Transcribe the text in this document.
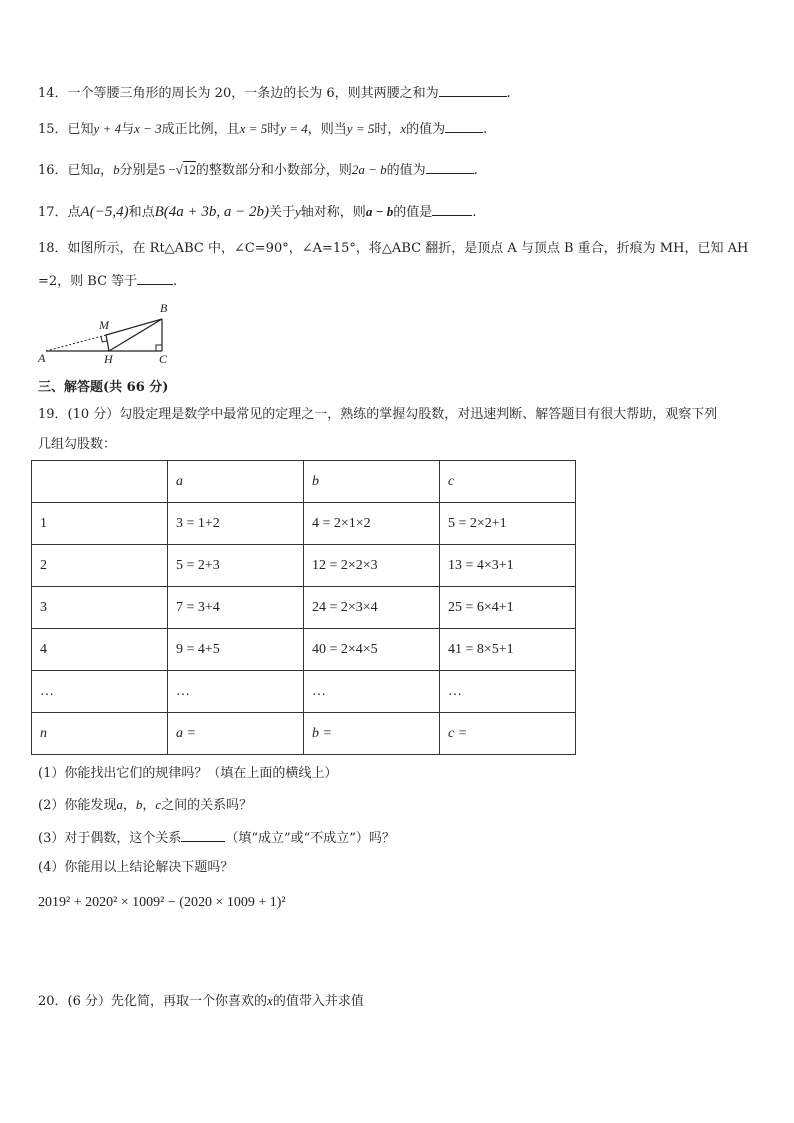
14．一个等腰三角形的周长为 20，一条边的长为 6，则其两腰之和为	.
15．已知y + 4与x − 3成正比例，且x = 5时y = 4，则当y = 5时，x的值为	.
16．已知a，b分别是5 −√12的整数部分和小数部分，则2a − b的值为	.
17．点A(−5,4)和点B(4a + 3b, a − 2b)关于y轴对称，则a − b的值是	.
18．如图所示，在 Rt△ABC 中，∠C=90°，∠A=15°，将△ABC 翻折，是顶点 A 与顶点 B 重合，折痕为 MH，已知 AH
=2，则 BC 等于	.
A
B
C
M
H
三、解答题(共 66 分)
19．(10 分）勾股定理是数学中最常见的定理之一，熟练的掌握勾股数，对迅速判断、解答题目有很大帮助，观察下列
几组勾股数：
	a	b	c
1	3 = 1+2	4 = 2×1×2	5 = 2×2+1
2	5 = 2+3	12 = 2×2×3	13 = 4×3+1
3	7 = 3+4	24 = 2×3×4	25 = 6×4+1
4	9 = 4+5	40 = 2×4×5	41 = 8×5+1
…	…	…	…
n	a =	b =	c =
(1）你能找出它们的规律吗？（填在上面的横线上）
(2）你能发现a，b，c之间的关系吗？
(3）对于偶数，这个关系	（填“成立”或“不成立”）吗？
(4）你能用以上结论解决下题吗？
2019² + 2020² × 1009² − (2020 × 1009 + 1)²
20．(6 分）先化简，再取一个你喜欢的x的值带入并求值
